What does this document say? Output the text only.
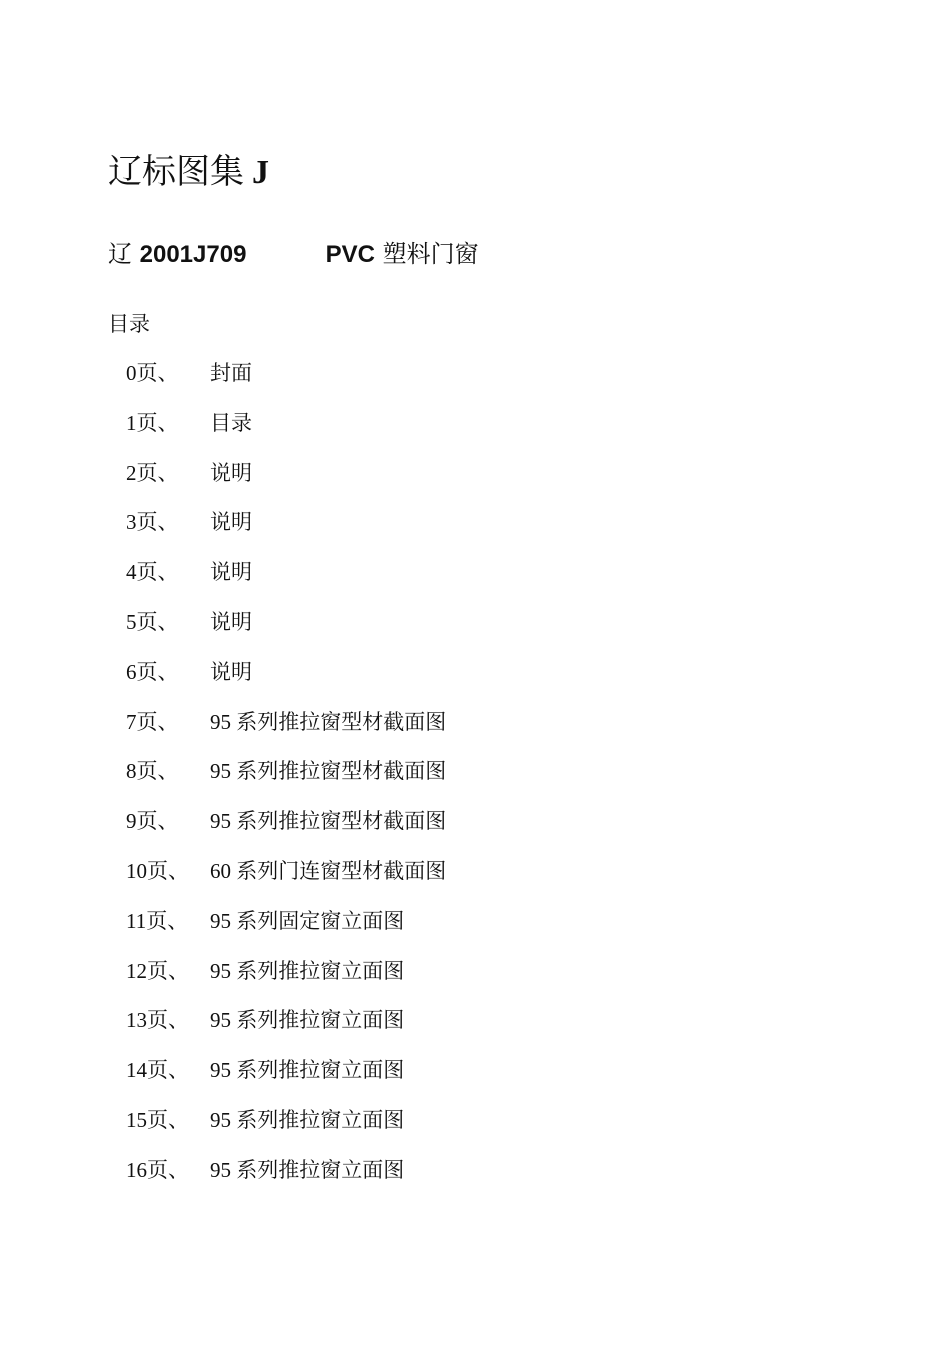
辽标图集 J
辽 2001J709	PVC 塑料门窗
目录
0页、 封面
1页、 目录
2页、 说明
3页、 说明
4页、 说明
5页、 说明
6页、 说明
7页、 95 系列推拉窗型材截面图
8页、 95 系列推拉窗型材截面图
9页、 95 系列推拉窗型材截面图
10页、 60 系列门连窗型材截面图
11页、 95 系列固定窗立面图
12页、 95 系列推拉窗立面图
13页、 95 系列推拉窗立面图
14页、 95 系列推拉窗立面图
15页、 95 系列推拉窗立面图
16页、 95 系列推拉窗立面图
